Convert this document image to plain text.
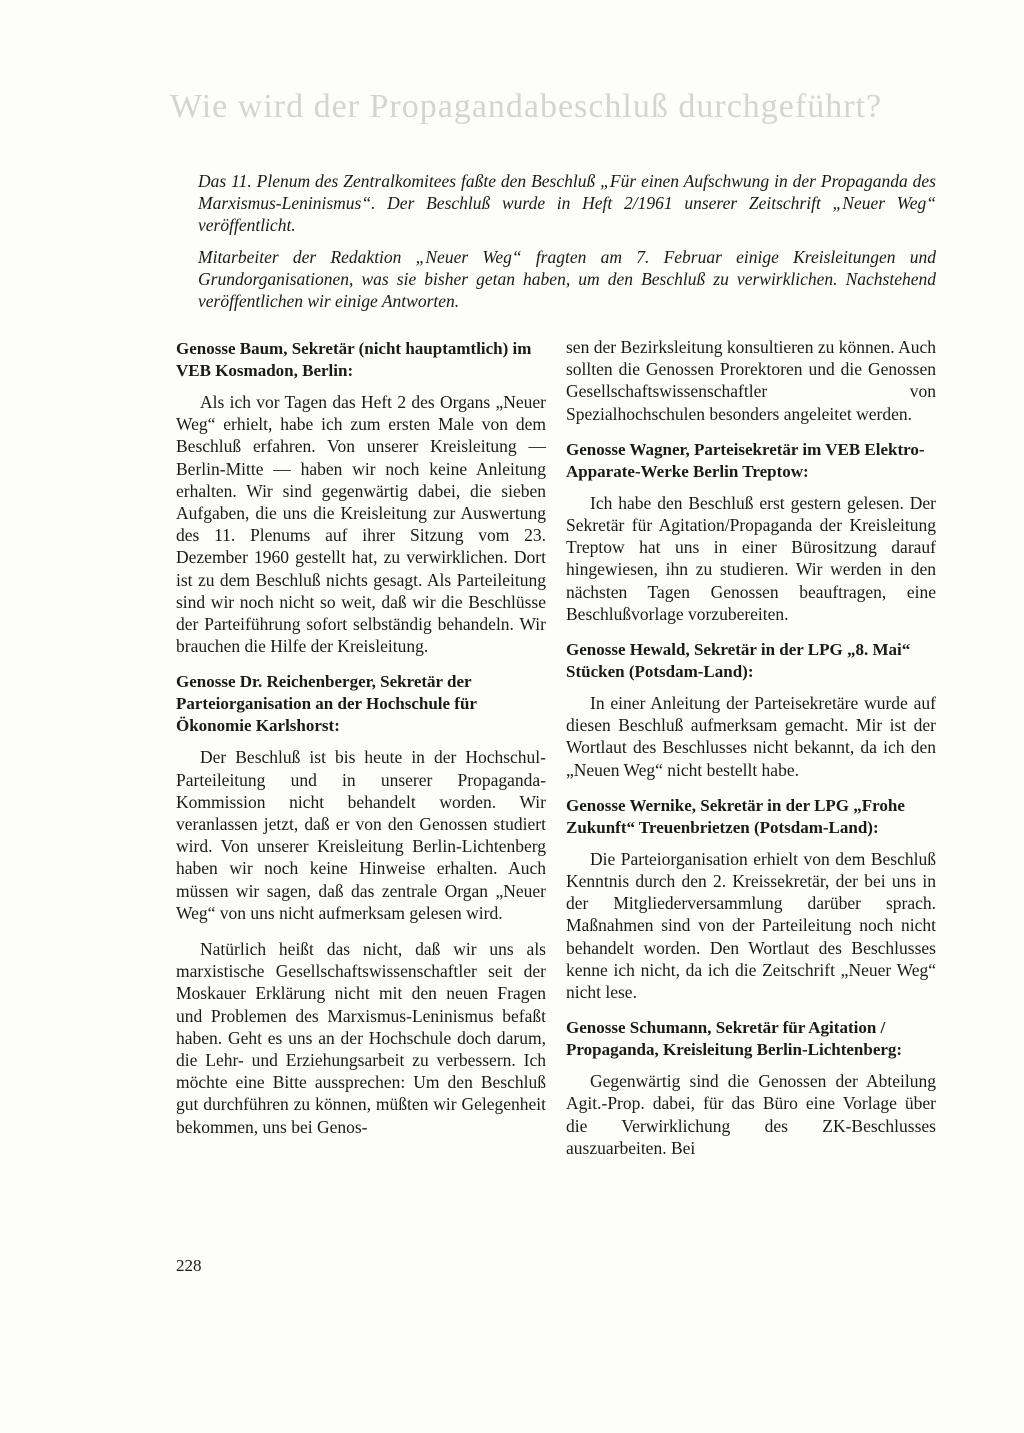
Wie wird der Propagandabeschluß durchgeführt?

Das 11. Plenum des Zentralkomitees faßte den Beschluß „Für einen Aufschwung in der Propaganda des Marxismus-Leninismus“. Der Beschluß wurde in Heft 2/1961 unserer Zeitschrift „Neuer Weg“ veröffentlicht.

Mitarbeiter der Redaktion „Neuer Weg“ fragten am 7. Februar einige Kreisleitungen und Grundorganisationen, was sie bisher getan haben, um den Beschluß zu verwirklichen. Nachstehend veröffentlichen wir einige Antworten.

Genosse Baum, Sekretär (nicht hauptamtlich) im VEB Kosmadon, Berlin:

Als ich vor Tagen das Heft 2 des Organs „Neuer Weg“ erhielt, habe ich zum ersten Male von dem Beschluß erfahren. Von unserer Kreisleitung — Berlin-Mitte — haben wir noch keine Anleitung erhalten. Wir sind gegenwärtig dabei, die sieben Aufgaben, die uns die Kreisleitung zur Auswertung des 11. Plenums auf ihrer Sitzung vom 23. Dezember 1960 gestellt hat, zu verwirklichen. Dort ist zu dem Beschluß nichts gesagt. Als Parteileitung sind wir noch nicht so weit, daß wir die Beschlüsse der Parteiführung sofort selbständig behandeln. Wir brauchen die Hilfe der Kreisleitung.

Genosse Dr. Reichenberger, Sekretär der Parteiorganisation an der Hochschule für Ökonomie Karlshorst:

Der Beschluß ist bis heute in der Hochschul-Parteileitung und in unserer Propaganda-Kommission nicht behandelt worden. Wir veranlassen jetzt, daß er von den Genossen studiert wird. Von unserer Kreisleitung Berlin-Lichtenberg haben wir noch keine Hinweise erhalten. Auch müssen wir sagen, daß das zentrale Organ „Neuer Weg“ von uns nicht aufmerksam gelesen wird.

Natürlich heißt das nicht, daß wir uns als marxistische Gesellschaftswissenschaftler seit der Moskauer Erklärung nicht mit den neuen Fragen und Problemen des Marxismus-Leninismus befaßt haben. Geht es uns an der Hochschule doch darum, die Lehr- und Erziehungsarbeit zu verbessern. Ich möchte eine Bitte aussprechen: Um den Beschluß gut durchführen zu können, müßten wir Gelegenheit bekommen, uns bei Genos-

sen der Bezirksleitung konsultieren zu können. Auch sollten die Genossen Prorektoren und die Genossen Gesellschaftswissenschaftler von Spezialhochschulen besonders angeleitet werden.

Genosse Wagner, Parteisekretär im VEB Elektro-Apparate-Werke Berlin Treptow:

Ich habe den Beschluß erst gestern gelesen. Der Sekretär für Agitation/Propaganda der Kreisleitung Treptow hat uns in einer Bürositzung darauf hingewiesen, ihn zu studieren. Wir werden in den nächsten Tagen Genossen beauftragen, eine Beschlußvorlage vorzubereiten.

Genosse Hewald, Sekretär in der LPG „8. Mai“ Stücken (Potsdam-Land):

In einer Anleitung der Parteisekretäre wurde auf diesen Beschluß aufmerksam gemacht. Mir ist der Wortlaut des Beschlusses nicht bekannt, da ich den „Neuen Weg“ nicht bestellt habe.

Genosse Wernike, Sekretär in der LPG „Frohe Zukunft“ Treuenbrietzen (Potsdam-Land):

Die Parteiorganisation erhielt von dem Beschluß Kenntnis durch den 2. Kreissekretär, der bei uns in der Mitgliederversammlung darüber sprach. Maßnahmen sind von der Parteileitung noch nicht behandelt worden. Den Wortlaut des Beschlusses kenne ich nicht, da ich die Zeitschrift „Neuer Weg“ nicht lese.

Genosse Schumann, Sekretär für Agitation / Propaganda, Kreisleitung Berlin-Lichtenberg:

Gegenwärtig sind die Genossen der Abteilung Agit.-Prop. dabei, für das Büro eine Vorlage über die Verwirklichung des ZK-Beschlusses auszuarbeiten. Bei

228
